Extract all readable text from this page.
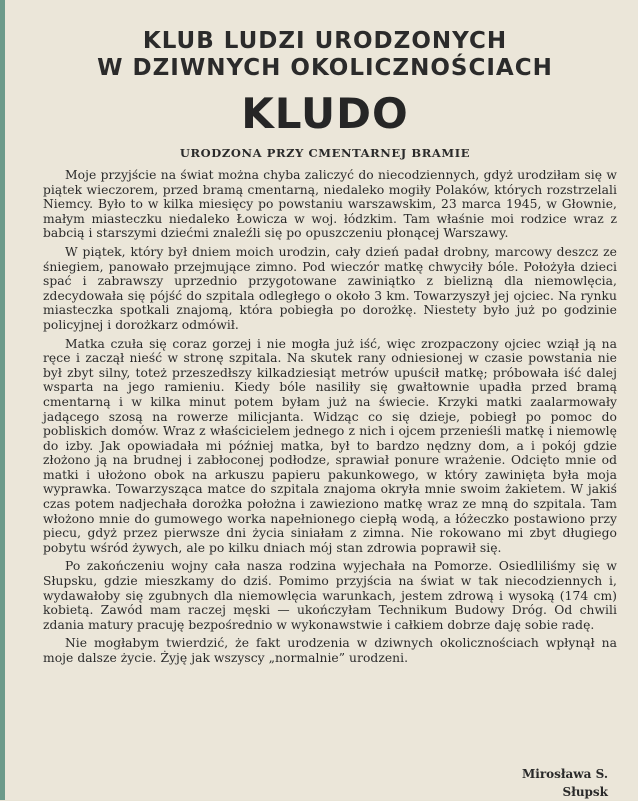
KLUB LUDZI URODZONYCH
W DZIWNYCH OKOLICZNOŚCIACH
KLUDO
URODZONA PRZY CMENTARNEJ BRAMIE

Moje przyjście na świat można chyba zaliczyć do niecodziennych, gdyż urodziłam się w piątek wieczorem, przed bramą cmentarną, niedaleko mogiły Polaków, których rozstrzelali Niemcy. Było to w kilka miesięcy po powstaniu warszawskim, 23 marca 1945, w Głownie, małym miasteczku niedaleko Łowicza w woj. łódzkim. Tam właśnie moi rodzice wraz z babcią i starszymi dziećmi znaleźli się po opuszczeniu płonącej Warszawy.

W piątek, który był dniem moich urodzin, cały dzień padał drobny, marcowy deszcz ze śniegiem, panowało przejmujące zimno. Pod wieczór matkę chwyciły bóle. Położyła dzieci spać i zabrawszy uprzednio przygotowane zawiniątko z bielizną dla niemowlęcia, zdecydowała się pójść do szpitala odległego o około 3 km. Towarzyszył jej ojciec. Na rynku miasteczka spotkali znajomą, która pobiegła po dorożkę. Niestety było już po godzinie policyjnej i dorożkarz odmówił.

Matka czuła się coraz gorzej i nie mogła już iść, więc zrozpaczony ojciec wziął ją na ręce i zaczął nieść w stronę szpitala. Na skutek rany odniesionej w czasie powstania nie był zbyt silny, toteż przeszedłszy kilkadziesiąt metrów upuścił matkę; próbowała iść dalej wsparta na jego ramieniu. Kiedy bóle nasiliły się gwałtownie upadła przed bramą cmentarną i w kilka minut potem byłam już na świecie. Krzyki matki zaalarmowały jadącego szosą na rowerze milicjanta. Widząc co się dzieje, pobiegł po pomoc do pobliskich domów. Wraz z właścicielem jednego z nich i ojcem przenieśli matkę i niemowlę do izby. Jak opowiadała mi później matka, był to bardzo nędzny dom, a i pokój gdzie złożono ją na brudnej i zabłoconej podłodze, sprawiał ponure wrażenie. Odcięto mnie od matki i ułożono obok na arkuszu papieru pakunkowego, w który zawinięta była moja wyprawka. Towarzysząca matce do szpitala znajoma okryła mnie swoim żakietem. W jakiś czas potem nadjechała dorożka położna i zawieziono matkę wraz ze mną do szpitala. Tam włożono mnie do gumowego worka napełnionego ciepłą wodą, a łóżeczko postawiono przy piecu, gdyż przez pierwsze dni życia siniałam z zimna. Nie rokowano mi zbyt długiego pobytu wśród żywych, ale po kilku dniach mój stan zdrowia poprawił się.

Po zakończeniu wojny cała nasza rodzina wyjechała na Pomorze. Osiedliliśmy się w Słupsku, gdzie mieszkamy do dziś. Pomimo przyjścia na świat w tak niecodziennych i, wydawałoby się zgubnych dla niemowlęcia warunkach, jestem zdrową i wysoką (174 cm) kobietą. Zawód mam raczej męski — ukończyłam Technikum Budowy Dróg. Od chwili zdania matury pracuję bezpośrednio w wykonawstwie i całkiem dobrze daję sobie radę.

Nie mogłabym twierdzić, że fakt urodzenia w dziwnych okolicznościach wpłynął na moje dalsze życie. Żyję jak wszyscy „normalnie” urodzeni.

Mirosława S.
Słupsk
